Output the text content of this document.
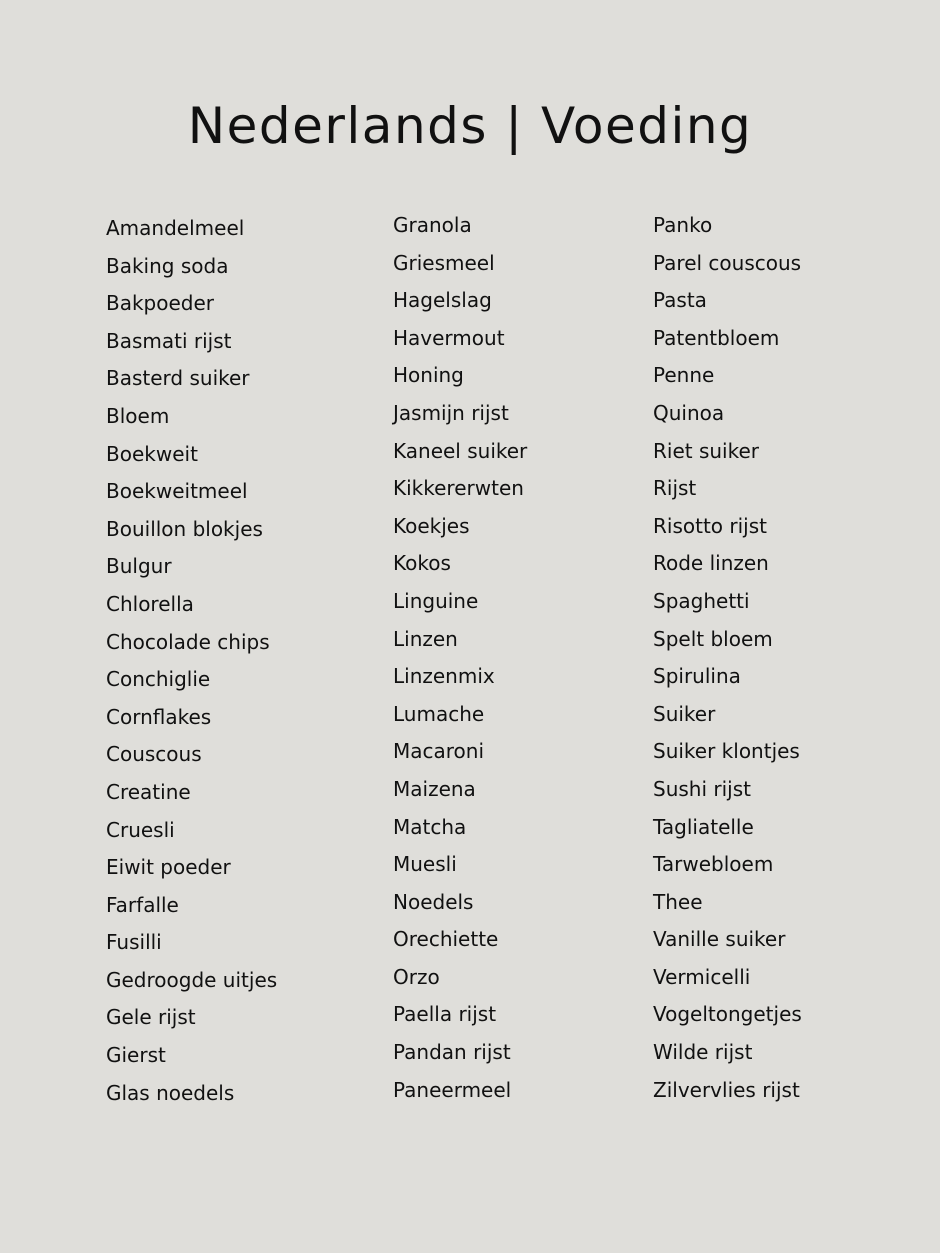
Nederlands | Voeding
Amandelmeel
Baking soda
Bakpoeder
Basmati rijst
Basterd suiker
Bloem
Boekweit
Boekweitmeel
Bouillon blokjes
Bulgur
Chlorella
Chocolade chips
Conchiglie
Cornflakes
Couscous
Creatine
Cruesli
Eiwit poeder
Farfalle
Fusilli
Gedroogde uitjes
Gele rijst
Gierst
Glas noedels
Granola
Griesmeel
Hagelslag
Havermout
Honing
Jasmijn rijst
Kaneel suiker
Kikkererwten
Koekjes
Kokos
Linguine
Linzen
Linzenmix
Lumache
Macaroni
Maizena
Matcha
Muesli
Noedels
Orechiette
Orzo
Paella rijst
Pandan rijst
Paneermeel
Panko
Parel couscous
Pasta
Patentbloem
Penne
Quinoa
Riet suiker
Rijst
Risotto rijst
Rode linzen
Spaghetti
Spelt bloem
Spirulina
Suiker
Suiker klontjes
Sushi rijst
Tagliatelle
Tarwebloem
Thee
Vanille suiker
Vermicelli
Vogeltongetjes
Wilde rijst
Zilvervlies rijst
